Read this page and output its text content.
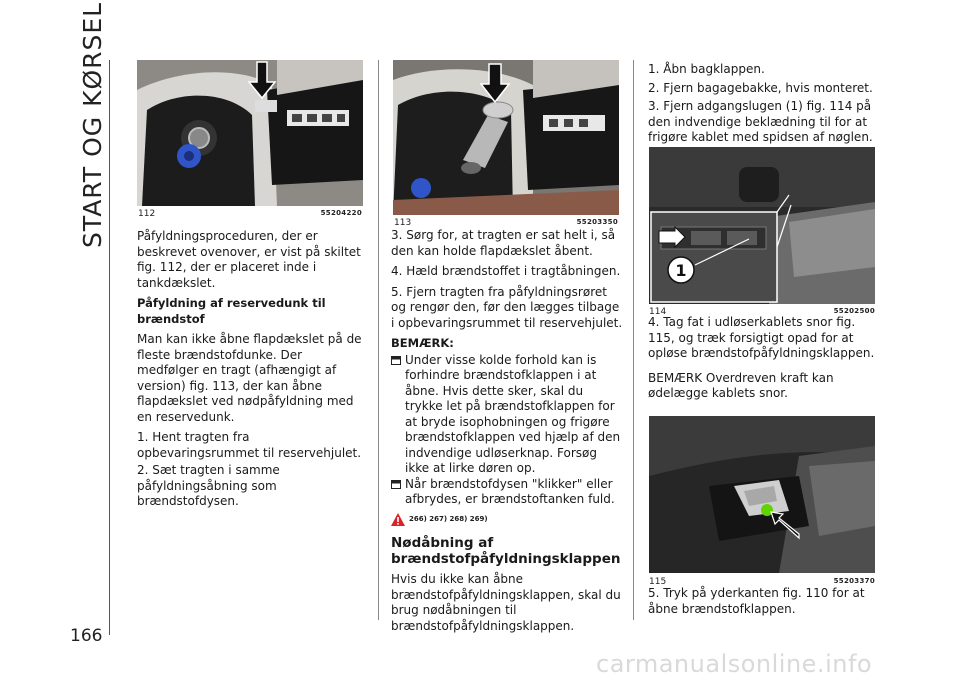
START OG KØRSEL
166
112	55204220

Påfyldningsproceduren, der er beskrevet ovenover, er vist på skiltet fig. 112, der er placeret inde i tankdækslet.

Påfyldning af reservedunk til brændstof

Man kan ikke åbne flapdækslet på de fleste brændstofdunke. Der medfølger en tragt (afhængigt af version) fig. 113, der kan åbne flapdækslet ved nødpåfyldning med en reservedunk.

1. Hent tragten fra opbevaringsrummet til reservehjulet.

2. Sæt tragten i samme påfyldningsåbning som brændstofdysen.

113	55203350

3. Sørg for, at tragten er sat helt i, så den kan holde flapdækslet åbent.

4. Hæld brændstoffet i tragtåbningen.

5. Fjern tragten fra påfyldningsrøret og rengør den, før den lægges tilbage i opbevaringsrummet til reservehjulet.

BEMÆRK:

Under visse kolde forhold kan is forhindre brændstofklappen i at åbne. Hvis dette sker, skal du trykke let på brændstofklappen for at bryde isophobningen og frigøre brændstofklappen ved hjælp af den indvendige udløserknap. Forsøg ikke at lirke døren op.
Når brændstofdysen "klikker" eller afbrydes, er brændstoftanken fuld.
266) 267) 268) 269)
Nødåbning af brændstofpåfyldningsklappen

Hvis du ikke kan åbne brændstofpåfyldningsklappen, skal du brug nødåbningen til brændstofpåfyldningsklappen.

1. Åbn bagklappen.

2. Fjern bagagebakke, hvis monteret.

3. Fjern adgangslugen (1) fig. 114 på den indvendige beklædning til for at frigøre kablet med spidsen af nøglen.

1
114	55202500

4. Tag fat i udløserkablets snor fig. 115, og træk forsigtigt opad for at opløse brændstofpåfyldningsklappen.

BEMÆRK Overdreven kraft kan ødelægge kablets snor.

115	55203370

5. Tryk på yderkanten fig. 110 for at åbne brændstofklappen.

carmanualsonline.info
